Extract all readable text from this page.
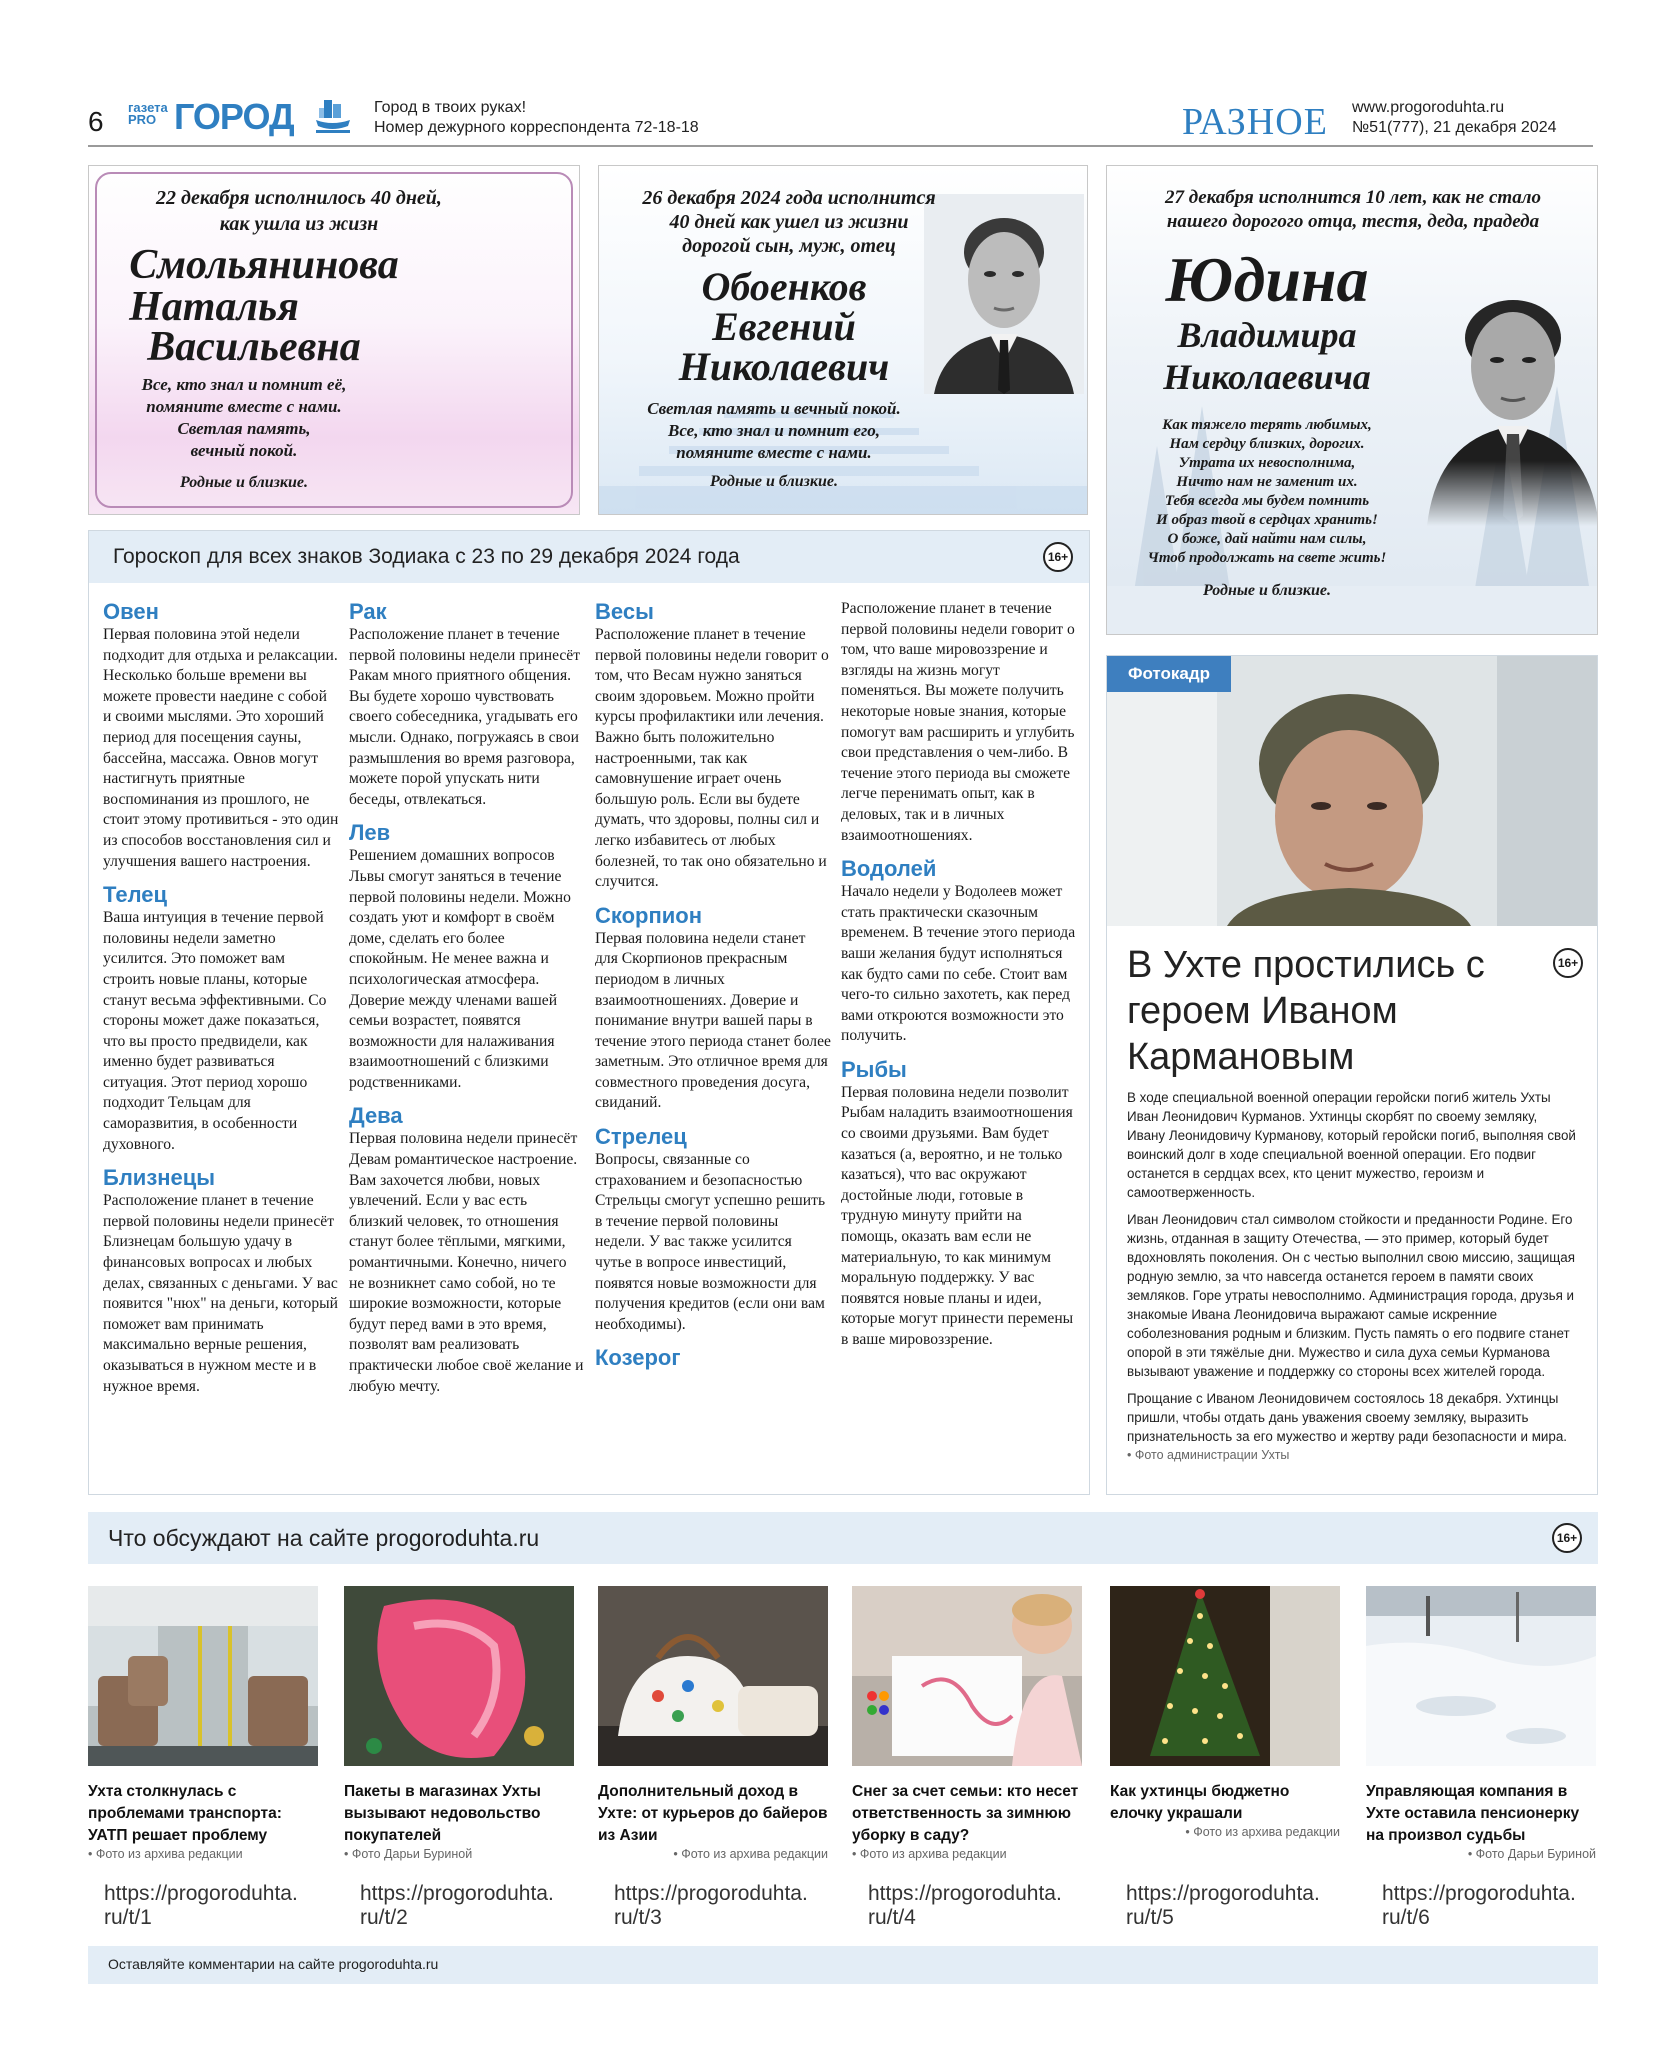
6 газета PRO ГОРОД	Город в твоих руках!
Номер дежурного корреспондента 72-18-18	РАЗНОЕ www.progoroduhta.ru
№51(777), 21 декабря 2024
22 декабря исполнилось 40 дней,
как ушла из жизн
Смольянинова
Наталья
Васильевна
Все, кто знал и помнит её,
помяните вместе с нами.
Светлая память,
вечный покой.
Родные и близкие.
26 декабря 2024 года исполнится
40 дней как ушел из жизни
дорогой сын, муж, отец
Обоенков
Евгений
Николаевич
Светлая память и вечный покой.
Все, кто знал и помнит его,
помяните вместе с нами.
Родные и близкие.
27 декабря исполнится 10 лет, как не стало
нашего дорогого отца, тестя, деда, прадеда
Юдина
Владимира
Николаевича
Как тяжело терять любимых,
Нам сердцу близких, дорогих.
Утрата их невосполнима,
Ничто нам не заменит их.
Тебя всегда мы будем помнить
И образ твой в сердцах хранить!
О боже, дай найти нам силы,
Чтоб продолжать на свете жить!
Родные и близкие.
Гороскоп для всех знаков Зодиака с 23 по 29 декабря 2024 года	16+
Овен
Первая половина этой недели подходит для отдыха и релаксации. Несколько больше времени вы можете провести наедине с собой и своими мыслями. Это хороший период для посещения сауны, бассейна, массажа. Овнов могут настигнуть приятные воспоминания из прошлого, не стоит этому противиться - это один из способов восстановления сил и улучшения вашего настроения.
Телец
Ваша интуиция в течение первой половины недели заметно усилится. Это поможет вам строить новые планы, которые станут весьма эффективными. Со стороны может даже показаться, что вы просто предвидели, как именно будет развиваться ситуация. Этот период хорошо подходит Тельцам для саморазвития, в особенности духовного.
Близнецы
Расположение планет в течение первой половины недели принесёт Близнецам большую удачу в финансовых вопросах и любых делах, связанных с деньгами. У вас появится "нюх" на деньги, который поможет вам принимать максимально верные решения, оказываться в нужном месте и в нужное время.
Рак
Расположение планет в течение первой половины недели принесёт Ракам много приятного общения. Вы будете хорошо чувствовать своего собеседника, угадывать его мысли. Однако, погружаясь в свои размышления во время разговора, можете порой упускать нити беседы, отвлекаться.
Лев
Решением домашних вопросов Львы смогут заняться в течение первой половины недели. Можно создать уют и комфорт в своём доме, сделать его более спокойным. Не менее важна и психологическая атмосфера. Доверие между членами вашей семьи возрастет, появятся возможности для налаживания взаимоотношений с близкими родственниками.
Дева
Первая половина недели принесёт Девам романтическое настроение. Вам захочется любви, новых увлечений. Если у вас есть близкий человек, то отношения станут более тёплыми, мягкими, романтичными. Конечно, ничего не возникнет само собой, но те широкие возможности, которые будут перед вами в это время, позволят вам реализовать практически любое своё желание и любую мечту.
Весы
Расположение планет в течение первой половины недели говорит о том, что Весам нужно заняться своим здоровьем. Можно пройти курсы профилактики или лечения. Важно быть положительно настроенными, так как самовнушение играет очень большую роль. Если вы будете думать, что здоровы, полны сил и легко избавитесь от любых болезней, то так оно обязательно и случится.
Скорпион
Первая половина недели станет для Скорпионов прекрасным периодом в личных взаимоотношениях. Доверие и понимание внутри вашей пары в течение этого периода станет более заметным. Это отличное время для совместного проведения досуга, свиданий.
Стрелец
Вопросы, связанные со страхованием и безопасностью Стрельцы смогут успешно решить в течение первой половины недели. У вас также усилится чутье в вопросе инвестиций, появятся новые возможности для получения кредитов (если они вам необходимы).
Козерог
Расположение планет в течение первой половины недели говорит о том, что ваше мировоззрение и взгляды на жизнь могут поменяться. Вы можете получить некоторые новые знания, которые помогут вам расширить и углубить свои представления о чем-либо. В течение этого периода вы сможете легче перенимать опыт, как в деловых, так и в личных взаимоотношениях.
Водолей
Начало недели у Водолеев может стать практически сказочным временем. В течение этого периода ваши желания будут исполняться как будто сами по себе. Стоит вам чего-то сильно захотеть, как перед вами откроются возможности это получить.
Рыбы
Первая половина недели позволит Рыбам наладить взаимоотношения со своими друзьями. Вам будет казаться (а, вероятно, и не только казаться), что вас окружают достойные люди, готовые в трудную минуту прийти на помощь, оказать вам если не материальную, то как минимум моральную поддержку. У вас появятся новые планы и идеи, которые могут принести перемены в ваше мировоззрение.
Фотокадр
В Ухте простились с героем Иваном Кармановым
16+

В ходе специальной военной операции геройски погиб житель Ухты Иван Леонидович Курманов. Ухтинцы скорбят по своему земляку, Ивану Леонидовичу Курманову, который геройски погиб, выполняя свой воинский долг в ходе специальной военной операции. Его подвиг останется в сердцах всех, кто ценит мужество, героизм и самоотверженность.

Иван Леонидович стал символом стойкости и преданности Родине. Его жизнь, отданная в защиту Отечества, — это пример, который будет вдохновлять поколения. Он с честью выполнил свою миссию, защищая родную землю, за что навсегда останется героем в памяти своих земляков. Горе утраты невосполнимо. Администрация города, друзья и знакомые Ивана Леонидовича выражают самые искренние соболезнования родным и близким. Пусть память о его подвиге станет опорой в эти тяжёлые дни. Мужество и сила духа семьи Курманова вызывают уважение и поддержку со стороны всех жителей города.

Прощание с Иваном Леонидовичем состоялось 18 декабря. Ухтинцы пришли, чтобы отдать дань уважения своему земляку, выразить признательность за его мужество и жертву ради безопасности и мира.

• Фото администрации Ухты
Что обсуждают на сайте progoroduhta.ru	16+
Ухта столкнулась с проблемами транспорта: УАТП решает проблему
• Фото из архива редакции
https://progoroduhta.
ru/t/1
Пакеты в магазинах Ухты вызывают недовольство покупателей
• Фото Дарьи Буриной
https://progoroduhta.
ru/t/2
Дополнительный доход в Ухте: от курьеров до байеров из Азии
• Фото из архива редакции
https://progoroduhta.
ru/t/3
Снег за счет семьи: кто несет ответственность за зимнюю уборку в саду?
• Фото из архива редакции
https://progoroduhta.
ru/t/4
Как ухтинцы бюджетно елочку украшали
• Фото из архива редакции
https://progoroduhta.
ru/t/5
Управляющая компания в Ухте оставила пенсионерку на произвол судьбы
• Фото Дарьи Буриной
https://progoroduhta.
ru/t/6
Оставляйте комментарии на сайте progoroduhta.ru
